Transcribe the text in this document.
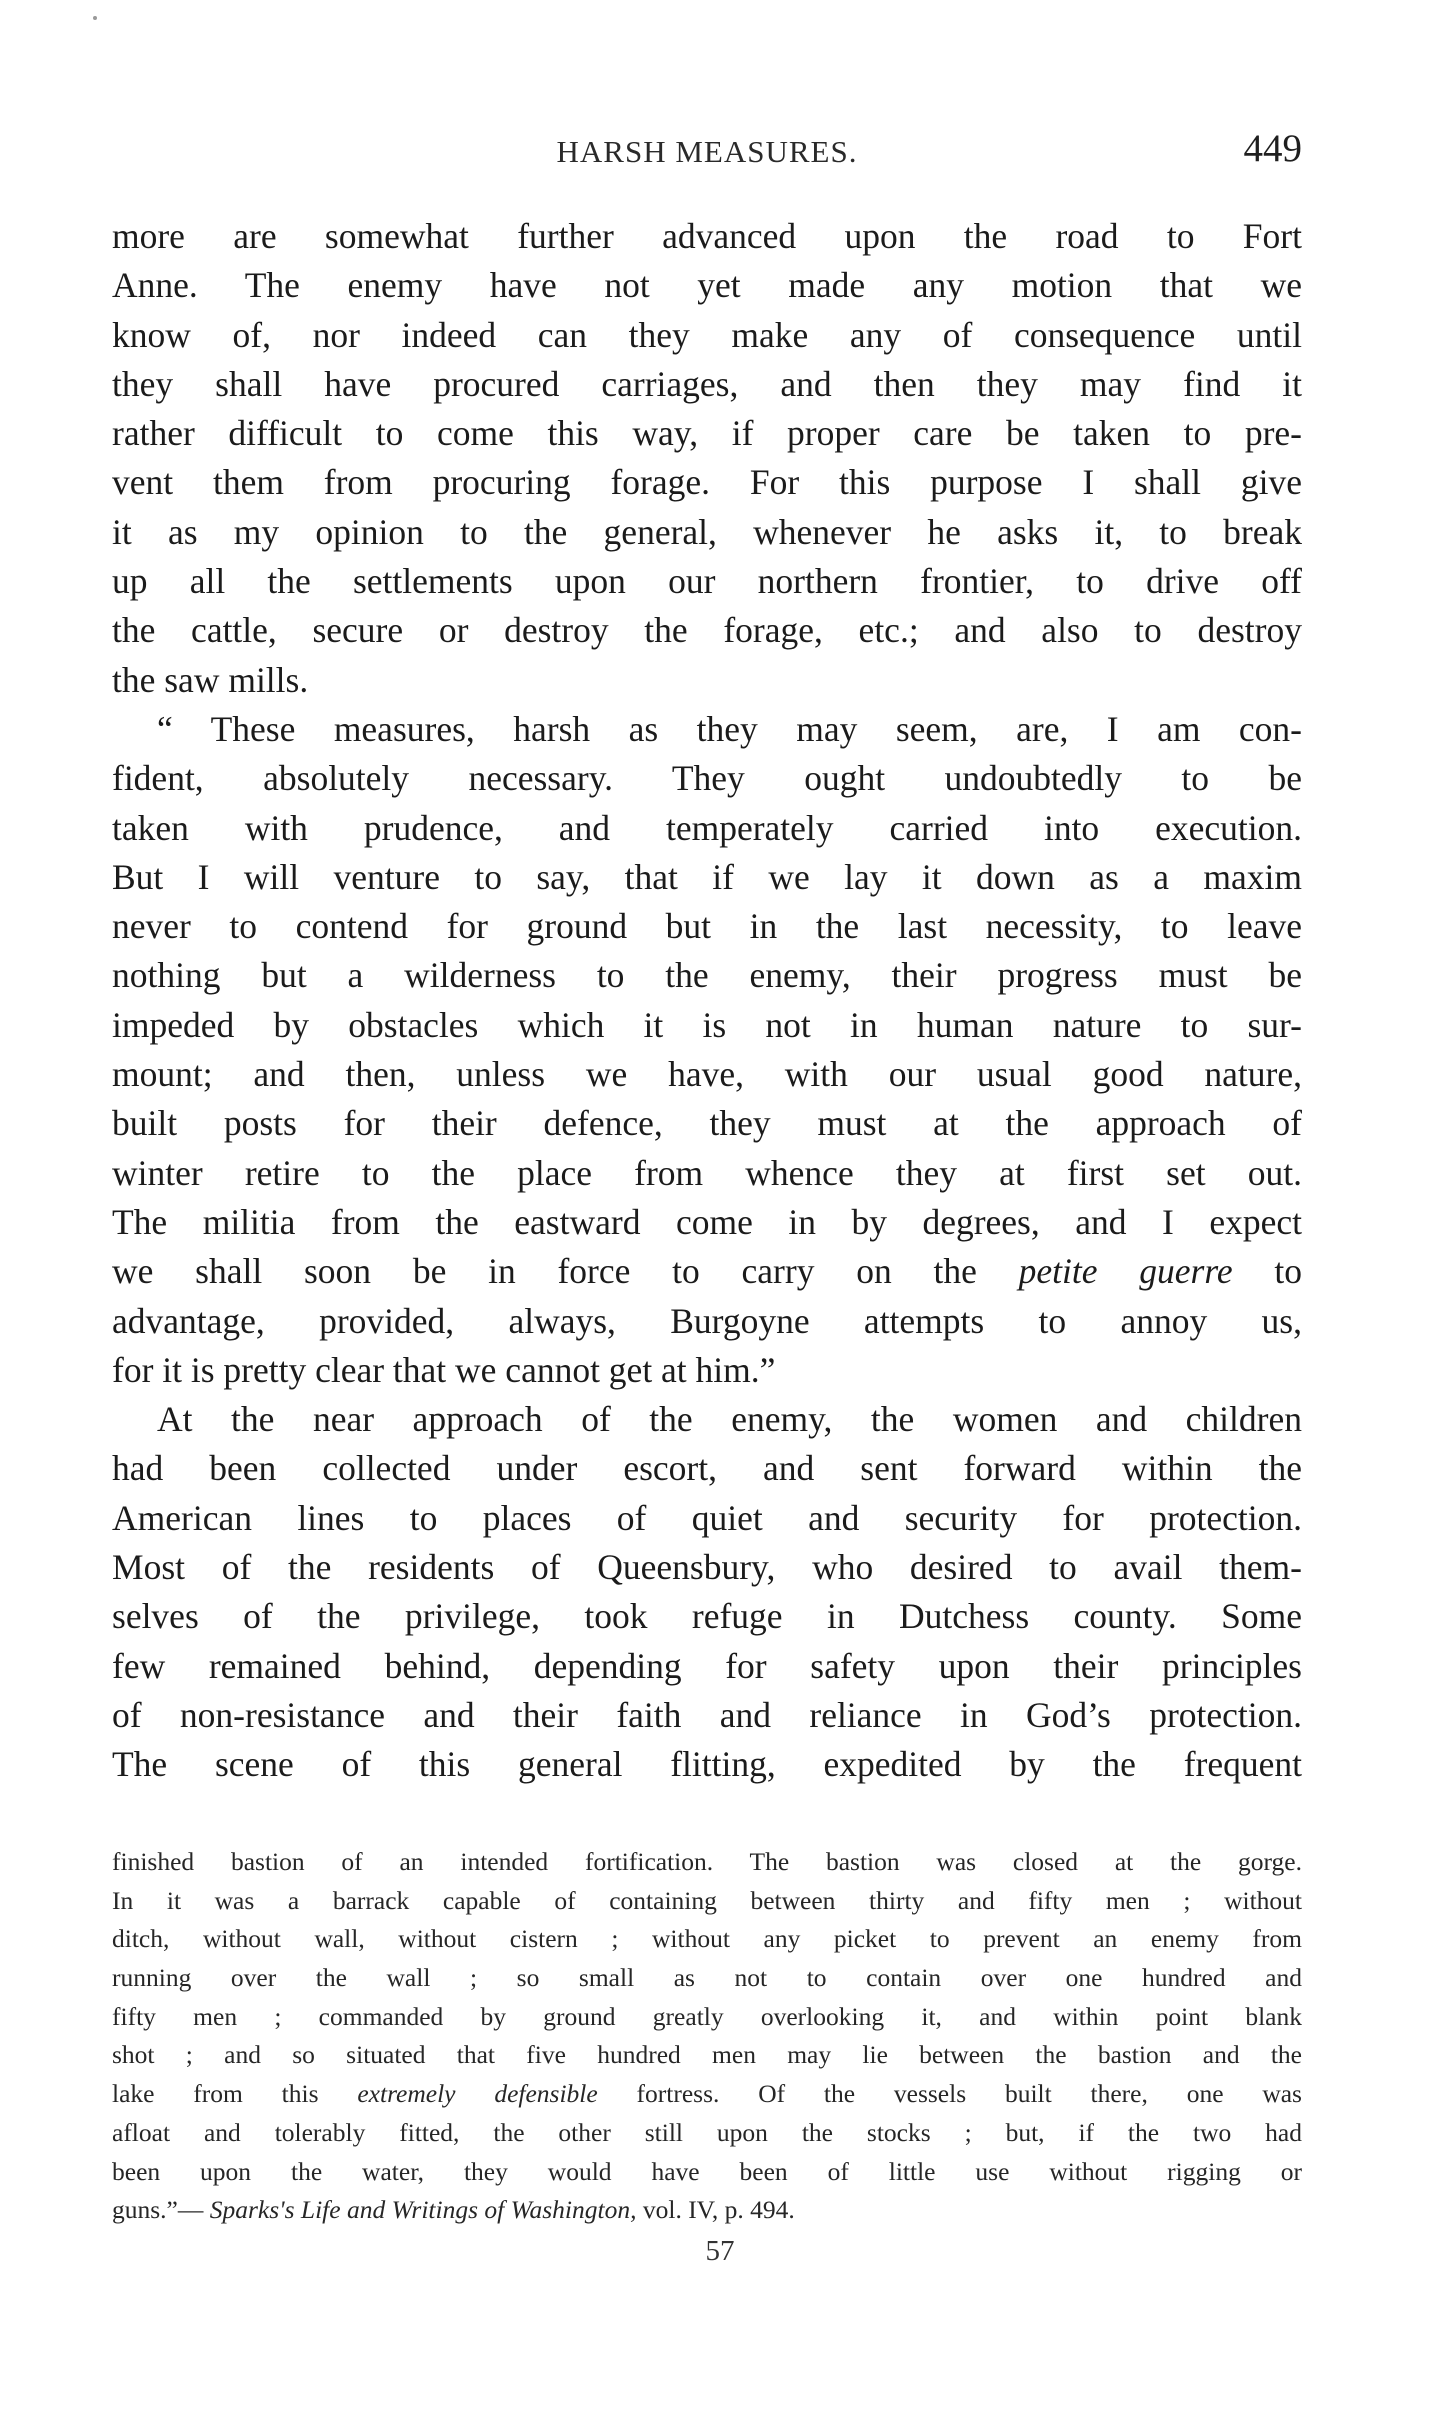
HARSH MEASURES.	449
more are somewhat further advanced upon the road to Fort
Anne. The enemy have not yet made any motion that we
know of, nor indeed can they make any of consequence until
they shall have procured carriages, and then they may find it
rather difficult to come this way, if proper care be taken to pre-
vent them from procuring forage. For this purpose I shall give
it as my opinion to the general, whenever he asks it, to break
up all the settlements upon our northern frontier, to drive off
the cattle, secure or destroy the forage, etc.; and also to destroy
the saw mills.
“ These measures, harsh as they may seem, are, I am con-
fident, absolutely necessary. They ought undoubtedly to be
taken with prudence, and temperately carried into execution.
But I will venture to say, that if we lay it down as a maxim
never to contend for ground but in the last necessity, to leave
nothing but a wilderness to the enemy, their progress must be
impeded by obstacles which it is not in human nature to sur-
mount; and then, unless we have, with our usual good nature,
built posts for their defence, they must at the approach of
winter retire to the place from whence they at first set out.
The militia from the eastward come in by degrees, and I expect
we shall soon be in force to carry on the petite guerre to
advantage, provided, always, Burgoyne attempts to annoy us,
for it is pretty clear that we cannot get at him.”
At the near approach of the enemy, the women and children
had been collected under escort, and sent forward within the
American lines to places of quiet and security for protection.
Most of the residents of Queensbury, who desired to avail them-
selves of the privilege, took refuge in Dutchess county. Some
few remained behind, depending for safety upon their principles
of non-resistance and their faith and reliance in God’s protection.
The scene of this general flitting, expedited by the frequent
finished bastion of an intended fortification. The bastion was closed at the gorge.
In it was a barrack capable of containing between thirty and fifty men ; without
ditch, without wall, without cistern ; without any picket to prevent an enemy from
running over the wall ; so small as not to contain over one hundred and
fifty men ; commanded by ground greatly overlooking it, and within point blank
shot ; and so situated that five hundred men may lie between the bastion and the
lake from this extremely defensible fortress. Of the vessels built there, one was
afloat and tolerably fitted, the other still upon the stocks ; but, if the two had
been upon the water, they would have been of little use without rigging or
guns.”— Sparks's Life and Writings of Washington, vol. IV, p. 494.
57
